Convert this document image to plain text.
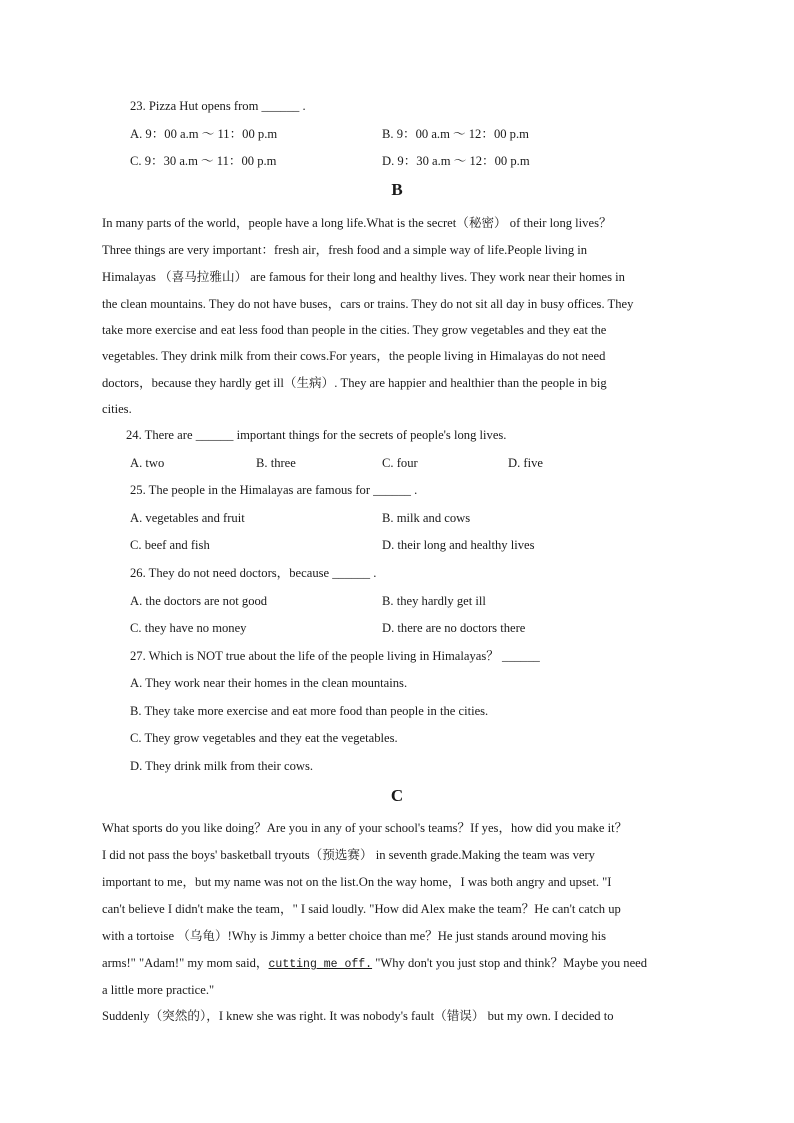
23. Pizza Hut opens from ______ .
A. 9：00 a.m ～ 11：00 p.m	B. 9：00 a.m ～ 12：00 p.m
C. 9：30 a.m ～ 11：00 p.m	D. 9：30 a.m ～ 12：00 p.m
B
In many parts of the world，people have a long life.What is the secret（秘密） of their long lives？
Three things are very important：fresh air，fresh food and a simple way of life.People living in
Himalayas （喜马拉雅山） are famous for their long and healthy lives. They work near their homes in
the clean mountains. They do not have buses，cars or trains. They do not sit all day in busy offices. They
take more exercise and eat less food than people in the cities. They grow vegetables and they eat the
vegetables. They drink milk from their cows.For years，the people living in Himalayas do not need
doctors，because they hardly get ill（生病）. They are happier and healthier than the people in big
cities.
24. There are ______ important things for the secrets of people's long lives.
A. two	B. three	C. four	D. five
25. The people in the Himalayas are famous for ______ .
A. vegetables and fruit	B. milk and cows
C. beef and fish	D. their long and healthy lives
26. They do not need doctors，because ______ .
A. the doctors are not good	B. they hardly get ill
C. they have no money	D. there are no doctors there
27. Which is NOT true about the life of the people living in Himalayas？ ______
A. They work near their homes in the clean mountains.
B. They take more exercise and eat more food than people in the cities.
C. They grow vegetables and they eat the vegetables.
D. They drink milk from their cows.
C
What sports do you like doing？Are you in any of your school's teams？If yes，how did you make it？
I did not pass the boys' basketball tryouts（预选赛） in seventh grade.Making the team was very
important to me，but my name was not on the list.On the way home，I was both angry and upset. "I
can't believe I didn't make the team，" I said loudly. "How did Alex make the team？He can't catch up
with a tortoise （乌龟）!Why is Jimmy a better choice than me？He just stands around moving his
arms!" "Adam!" my mom said，cutting me off. "Why don't you just stop and think？Maybe you need
a little more practice."
Suddenly（突然的），I knew she was right. It was nobody's fault（错误） but my own. I decided to
